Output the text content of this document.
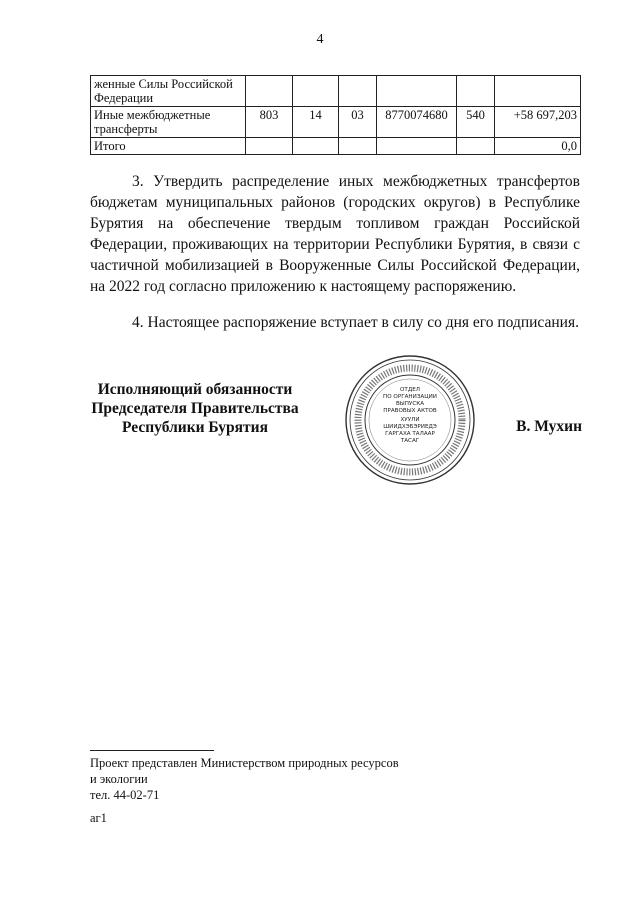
4
женные Силы Российской Федерации						
Иные межбюджетные трансферты	803	14	03	8770074680	540	+58 697,203
Итого						0,0

3. Утвердить распределение иных межбюджетных трансфертов бюджетам муниципальных районов (городских округов) в Республике Бурятия на обеспечение твердым топливом граждан Российской Федерации, проживающих на территории Республики Бурятия, в связи с частичной мобилизацией в Вооруженные Силы Российской Федерации, на 2022 год согласно приложению к настоящему распоряжению.

4. Настоящее распоряжение вступает в силу со дня его подписания.

Исполняющий обязанности
Председателя Правительства
Республики Бурятия
ОТДЕЛ
ПО ОРГАНИЗАЦИИ
ВЫПУСКА
ПРАВОВЫХ АКТОВ
ХУУЛИ
ШИИДХЭБЭРИЕДЭ
ГАРГАХА ТАЛААР
ТАСАГ
В. Мухин
Проект представлен Министерством природных ресурсов
и экологии
тел. 44-02-71
аг1
